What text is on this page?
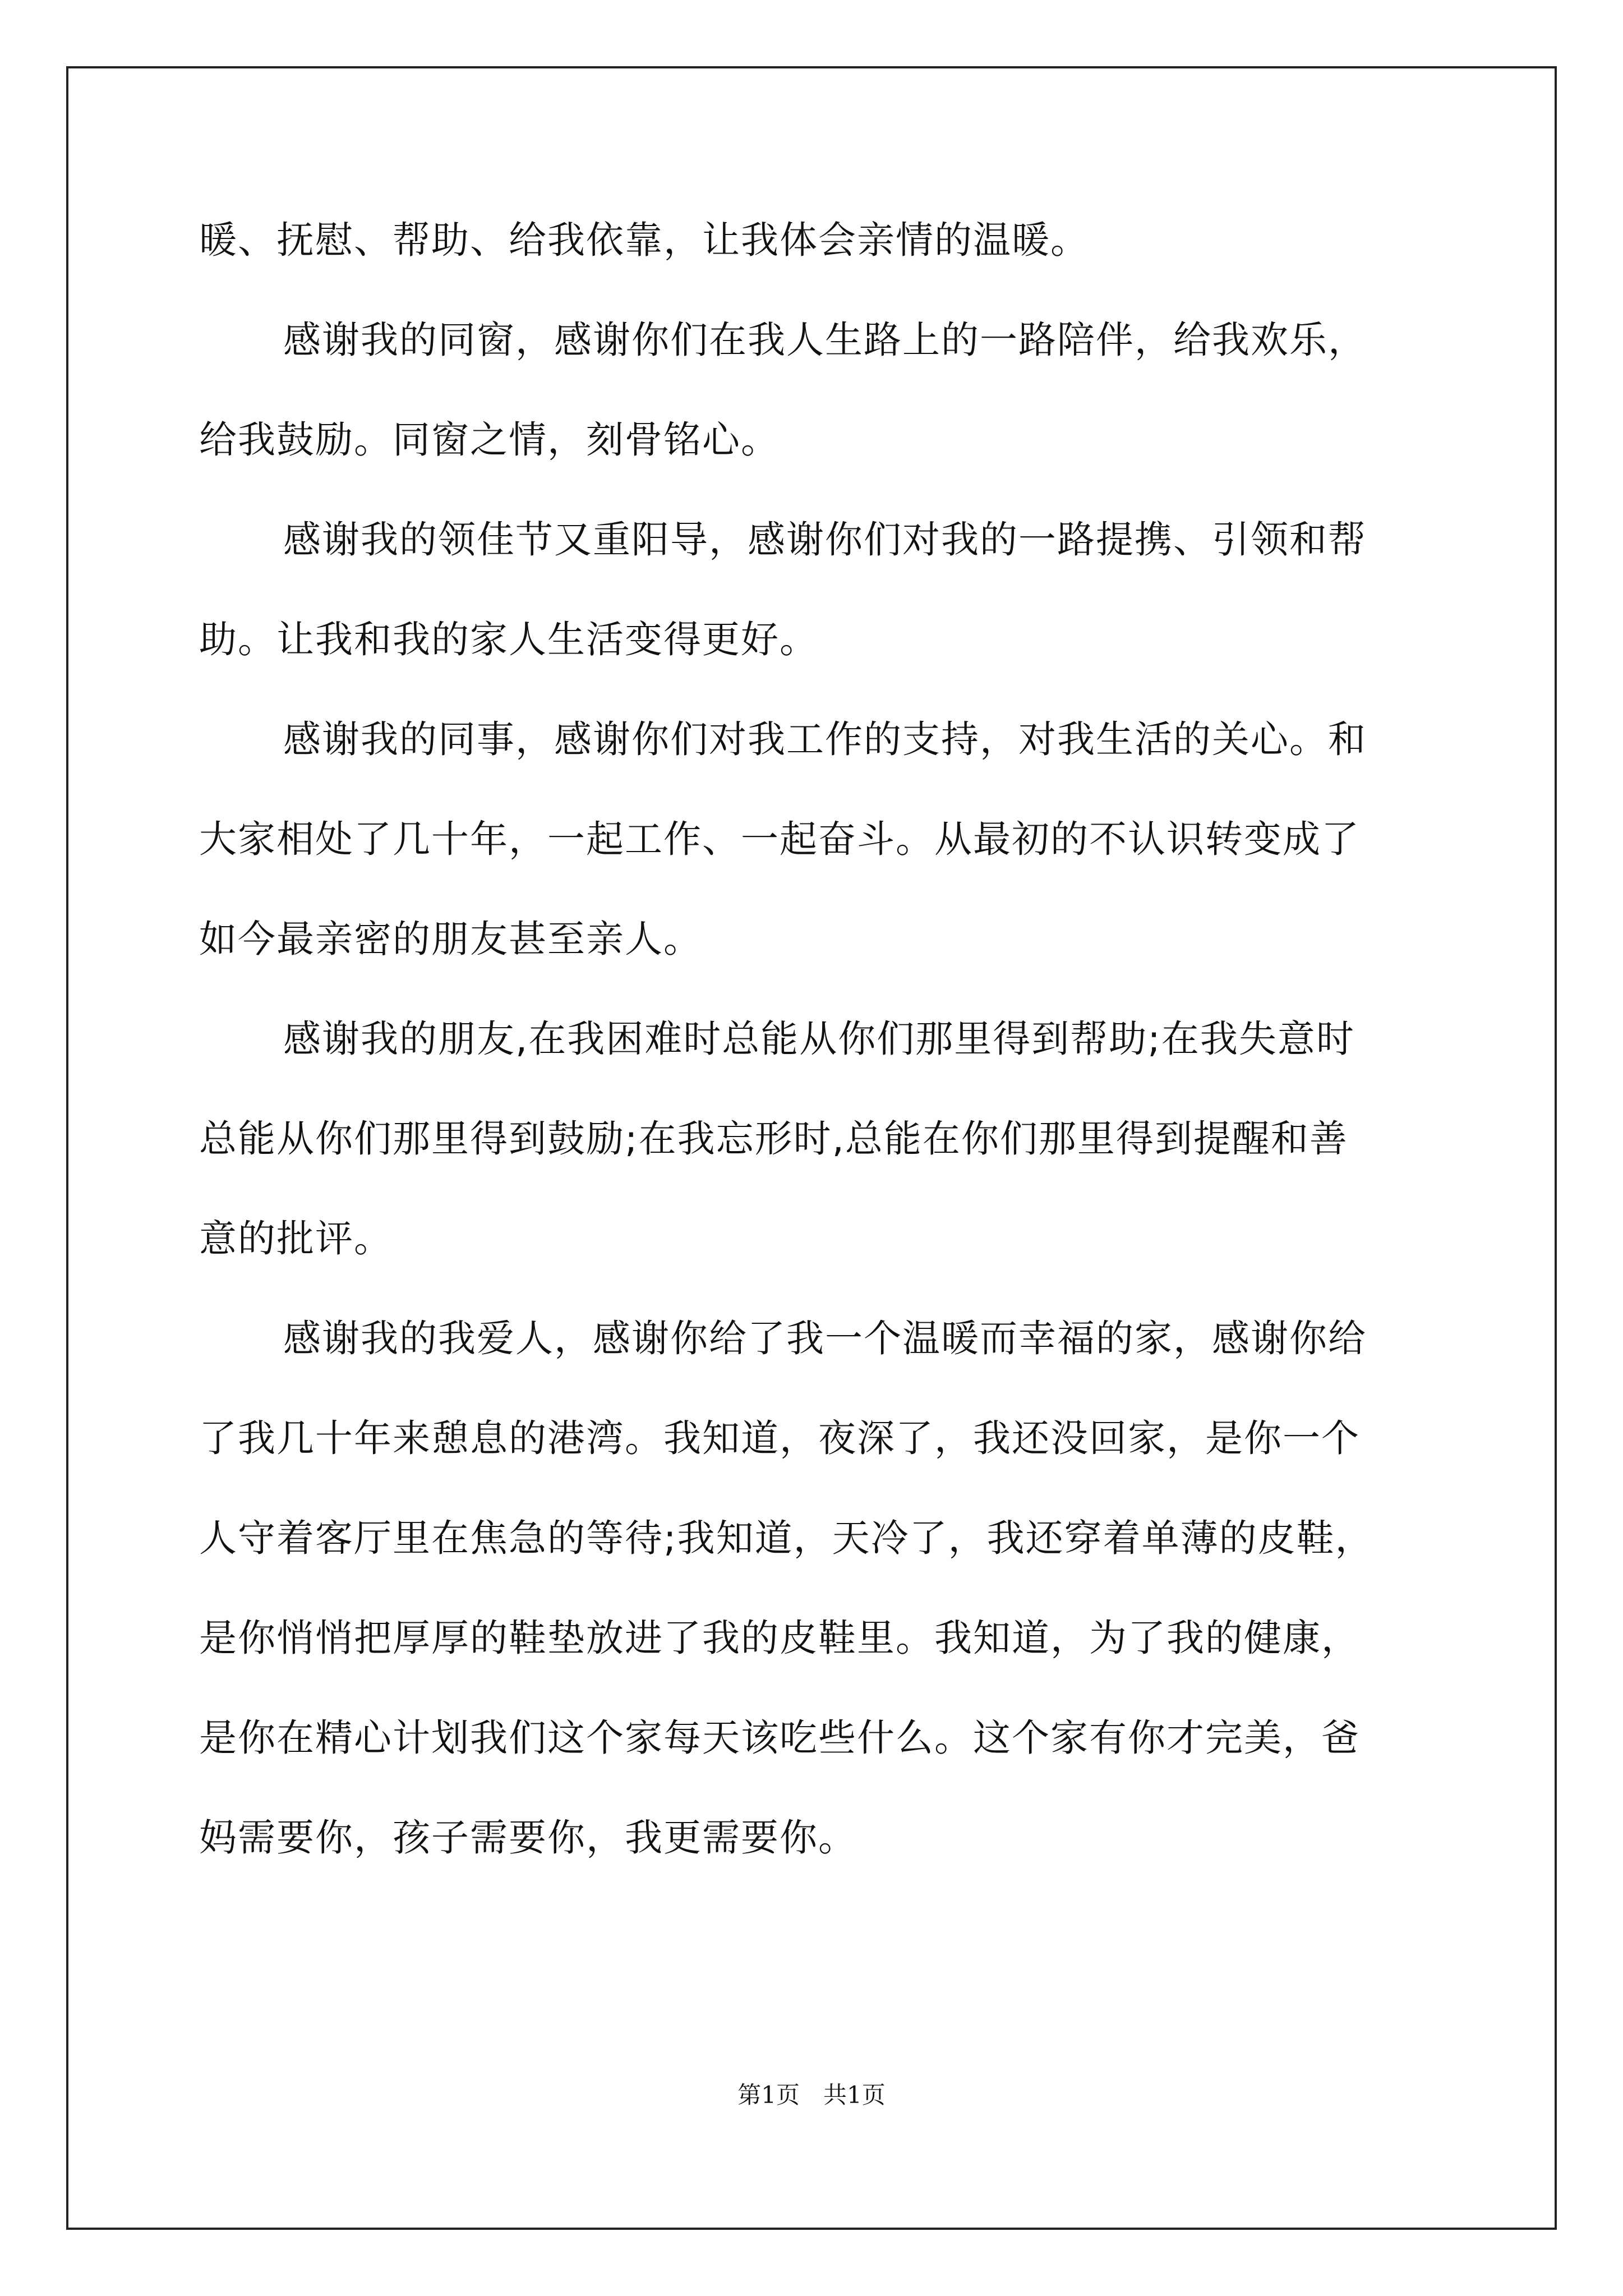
暖、抚慰、帮助、给我依靠，让我体会亲情的温暖。
感谢我的同窗，感谢你们在我人生路上的一路陪伴，给我欢乐，
给我鼓励。同窗之情，刻骨铭心。
感谢我的领佳节又重阳导，感谢你们对我的一路提携、引领和帮
助。让我和我的家人生活变得更好。
感谢我的同事，感谢你们对我工作的支持，对我生活的关心。和
大家相处了几十年，一起工作、一起奋斗。从最初的不认识转变成了
如今最亲密的朋友甚至亲人。
感谢我的朋友,在我困难时总能从你们那里得到帮助;在我失意时
总能从你们那里得到鼓励;在我忘形时,总能在你们那里得到提醒和善
意的批评。
感谢我的我爱人，感谢你给了我一个温暖而幸福的家，感谢你给
了我几十年来憩息的港湾。我知道，夜深了，我还没回家，是你一个
人守着客厅里在焦急的等待;我知道，天冷了，我还穿着单薄的皮鞋，
是你悄悄把厚厚的鞋垫放进了我的皮鞋里。我知道，为了我的健康，
是你在精心计划我们这个家每天该吃些什么。这个家有你才完美，爸
妈需要你，孩子需要你，我更需要你。
第1页　共1页
